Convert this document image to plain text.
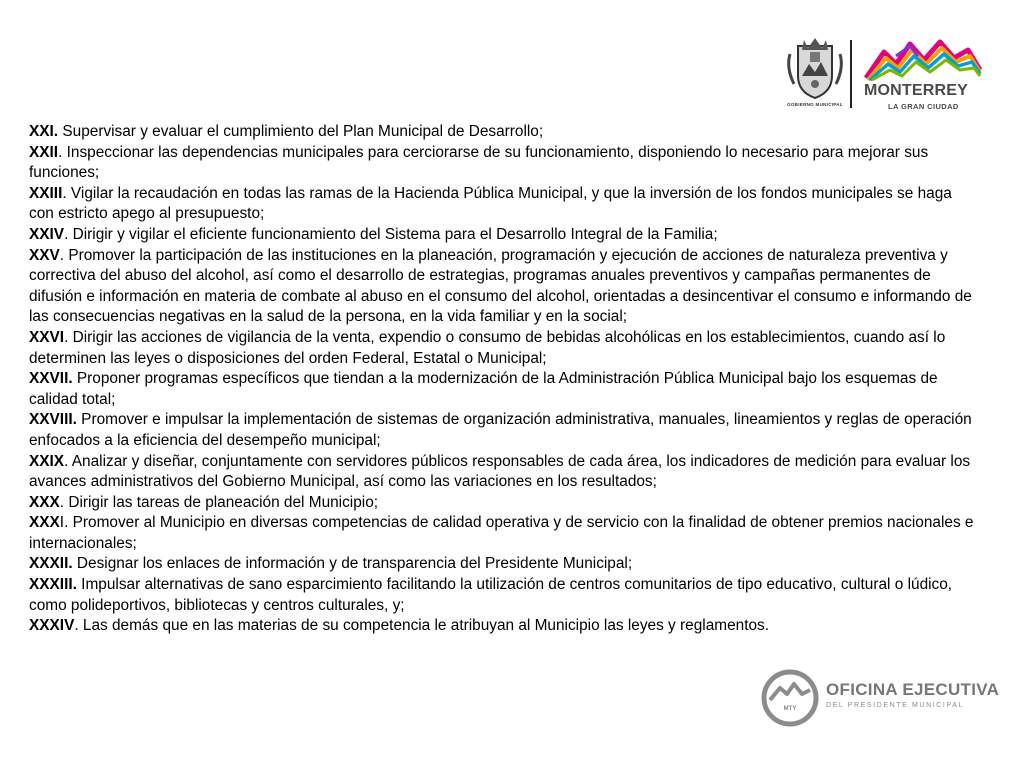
GOBIERNO MUNICIPAL
MONTERREY
LA GRAN CIUDAD

XXI. Supervisar y evaluar el cumplimiento del Plan Municipal de Desarrollo;

XXII. Inspeccionar las dependencias municipales para cerciorarse de su funcionamiento, disponiendo lo necesario para mejorar sus funciones;

XXIII. Vigilar la recaudación en todas las ramas de la Hacienda Pública Municipal, y que la inversión de los fondos municipales se haga con estricto apego al presupuesto;

XXIV. Dirigir y vigilar el eficiente funcionamiento del Sistema para el Desarrollo Integral de la Familia;

XXV. Promover la participación de las instituciones en la planeación, programación y ejecución de acciones de naturaleza preventiva y correctiva del abuso del alcohol, así como el desarrollo de estrategias, programas anuales preventivos y campañas permanentes de difusión e información en materia de combate al abuso en el consumo del alcohol, orientadas a desincentivar el consumo e informando de las consecuencias negativas en la salud de la persona, en la vida familiar y en la social;

XXVI. Dirigir las acciones de vigilancia de la venta, expendio o consumo de bebidas alcohólicas en los establecimientos, cuando así lo determinen las leyes o disposiciones del orden Federal, Estatal o Municipal;

XXVII. Proponer programas específicos que tiendan a la modernización de la Administración Pública Municipal bajo los esquemas de calidad total;

XXVIII. Promover e impulsar la implementación de sistemas de organización administrativa, manuales, lineamientos y reglas de operación enfocados a la eficiencia del desempeño municipal;

XXIX. Analizar y diseñar, conjuntamente con servidores públicos responsables de cada área, los indicadores de medición para evaluar los avances administrativos del Gobierno Municipal, así como las variaciones en los resultados;

XXX. Dirigir las tareas de planeación del Municipio;

XXXI. Promover al Municipio en diversas competencias de calidad operativa y de servicio con la finalidad de obtener premios nacionales e internacionales;

XXXII. Designar los enlaces de información y de transparencia del Presidente Municipal;

XXXIII. Impulsar alternativas de sano esparcimiento facilitando la utilización de centros comunitarios de tipo educativo, cultural o lúdico, como polideportivos, bibliotecas y centros culturales, y;

XXXIV. Las demás que en las materias de su competencia le atribuyan al Municipio las leyes y reglamentos.

MTY
OFICINA EJECUTIVA
DEL PRESIDENTE MUNICIPAL
